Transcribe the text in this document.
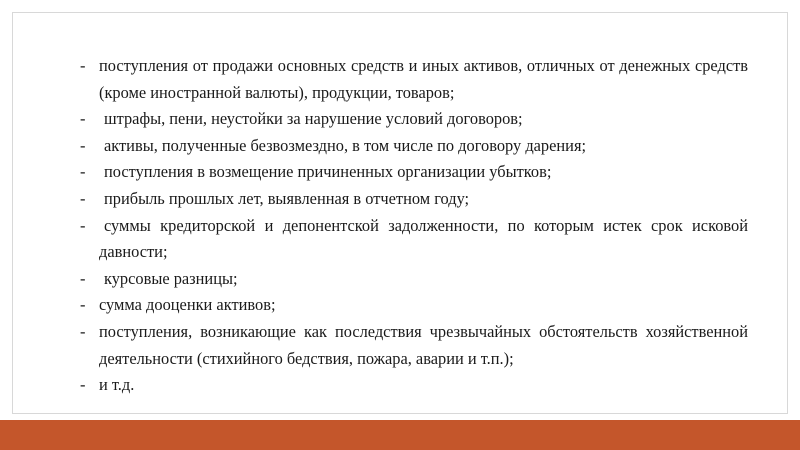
- поступления от продажи основных средств и иных активов, отличных от денежных средств (кроме иностранной валюты), продукции, товаров;
- штрафы, пени, неустойки за нарушение условий договоров;
- активы, полученные безвозмездно, в том числе по договору дарения;
- поступления в возмещение причиненных организации убытков;
- прибыль прошлых лет, выявленная в отчетном году;
- суммы кредиторской и депонентской задолженности, по которым истек срок исковой давности;
- курсовые разницы;
- сумма дооценки активов;
- поступления, возникающие как последствия чрезвычайных обстоятельств хозяйственной деятельности (стихийного бедствия, пожара, аварии и т.п.);
- и т.д.
